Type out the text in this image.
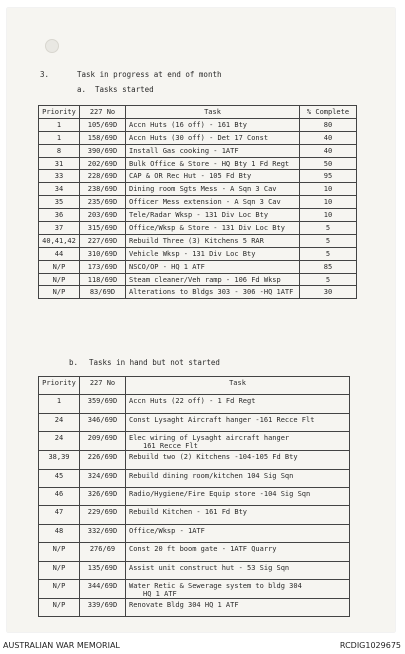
3.	Task in progress at end of month
a. Tasks started
Priority	227 No	Task	% Complete
1	105/69D	Accn Huts (16 off) - 161 Bty	80
1	158/69D	Accn Huts (30 off) - Det 17 Const	40
8	390/69D	Install Gas cooking - 1ATF	40
31	202/69D	Bulk Office & Store - HQ Bty 1 Fd Regt	50
33	228/69D	CAP & OR Rec Hut - 105 Fd Bty	95
34	238/69D	Dining room Sgts Mess - A Sqn 3 Cav	10
35	235/69D	Officer Mess extension - A Sqn 3 Cav	10
36	203/69D	Tele/Radar Wksp - 131 Div Loc Bty	10
37	315/69D	Office/Wksp & Store - 131 Div Loc Bty	5
40,41,42	227/69D	Rebuild Three (3) Kitchens 5 RAR	5
44	310/69D	Vehicle Wksp - 131 Div Loc Bty	5
N/P	173/69D	NSCO/OP - HQ 1 ATF	85
N/P	118/69D	Steam cleaner/Veh ramp - 106 Fd Wksp	5
N/P	83/69D	Alterations to Bldgs 303 - 306 -HQ 1ATF	30
b. Tasks in hand but not started
Priority	227 No	Task
1	359/69D	Accn Huts (22 off) - 1 Fd Regt

24	346/69D	Const Lysaght Aircraft hanger -161 Recce Flt

24	209/69D	Elec wiring of Lysaght aircraft hanger
161 Recce Flt

38,39	226/69D	Rebuild two (2) Kitchens -104-105 Fd Bty

45	324/69D	Rebuild dining room/kitchen 104 Sig Sqn

46	326/69D	Radio/Hygiene/Fire Equip store -104 Sig Sqn

47	229/69D	Rebuild Kitchen - 161 Fd Bty

48	332/69D	Office/Wksp - 1ATF

N/P	276/69	Const 20 ft boom gate - 1ATF Quarry

N/P	135/69D	Assist unit construct hut - 53 Sig Sqn

N/P	344/69D	Water Retic & Sewerage system to bldg 304
HQ 1 ATF

N/P	339/69D	Renovate Bldg 304 HQ 1 ATF
AUSTRALIAN WAR MEMORIAL	RCDIG1029675
